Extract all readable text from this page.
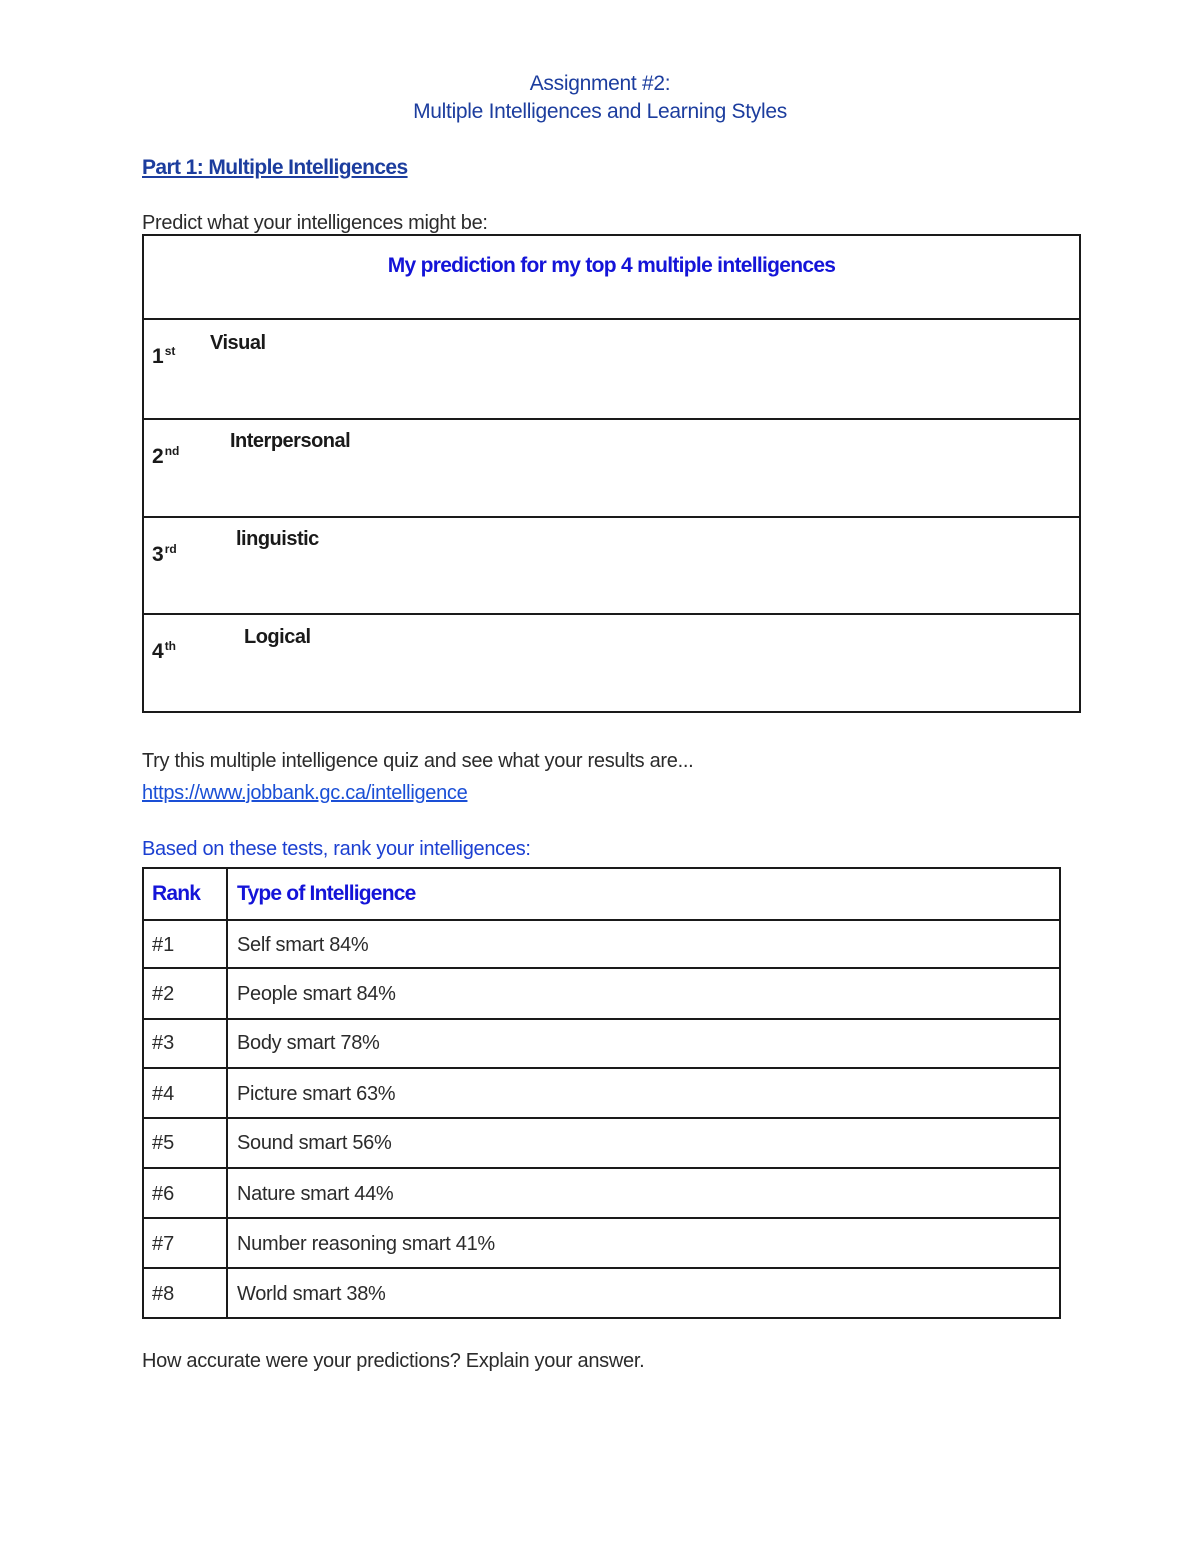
Assignment #2:
Multiple Intelligences and Learning Styles
Part 1: Multiple Intelligences
Predict what your intelligences might be:
My prediction for my top 4 multiple intelligences
1st Visual
2nd	Interpersonal
3rd	linguistic
4th	Logical
Try this multiple intelligence quiz and see what your results are...
https://www.jobbank.gc.ca/intelligence
Based on these tests, rank your intelligences:
Rank Type of Intelligence
#1	Self smart 84%
#2	People smart 84%
#3	Body smart 78%
#4	Picture smart 63%
#5	Sound smart 56%
#6	Nature smart 44%
#7	Number reasoning smart 41%
#8	World smart 38%
How accurate were your predictions? Explain your answer.
